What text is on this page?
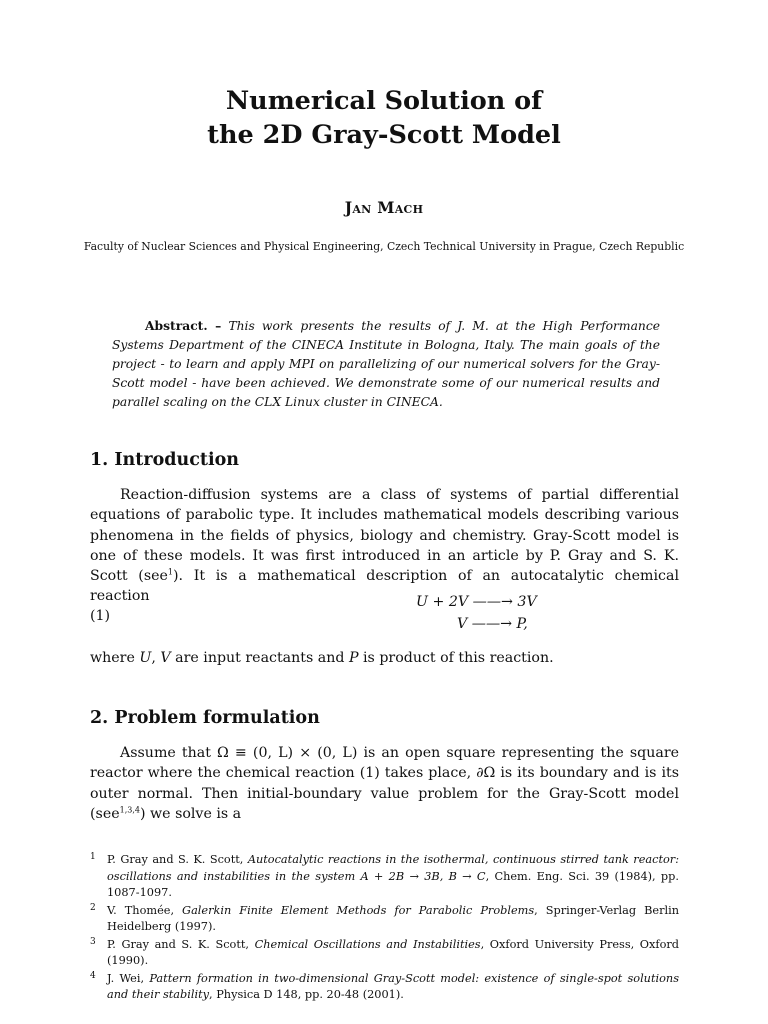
Numerical Solution of
the 2D Gray-Scott Model
Jan Mach
Faculty of Nuclear Sciences and Physical Engineering, Czech Technical University in Prague, Czech Republic
Abstract. – This work presents the results of J. M. at the High Performance Systems Department of the CINECA Institute in Bologna, Italy. The main goals of the project - to learn and apply MPI on parallelizing of our numerical solvers for the Gray-Scott model - have been achieved. We demonstrate some of our numerical results and parallel scaling on the CLX Linux cluster in CINECA.
1. Introduction
Reaction-diffusion systems are a class of systems of partial differential equations of parabolic type. It includes mathematical models describing various phenomena in the fields of physics, biology and chemistry. Gray-Scott model is one of these models. It was first introduced in an article by P. Gray and S. K. Scott (see$^1$). It is a mathematical description of an autocatalytic chemical reaction
(1)
U + 2V ——→ 3V
V ——→ P,
where U, V are input reactants and P is product of this reaction.
2. Problem formulation
Assume that Ω ≡ (0, L) × (0, L) is an open square representing the square reactor where the chemical reaction (1) takes place, ∂Ω is its boundary and is its outer normal. Then initial-boundary value problem for the Gray-Scott model (see$^{1,3,4}$) we solve is a
1 P. Gray and S. K. Scott, Autocatalytic reactions in the isothermal, continuous stirred tank reactor: oscillations and instabilities in the system A + 2B → 3B, B → C, Chem. Eng. Sci. 39 (1984), pp. 1087-1097.
2 V. Thomée, Galerkin Finite Element Methods for Parabolic Problems, Springer-Verlag Berlin Heidelberg (1997).
3 P. Gray and S. K. Scott, Chemical Oscillations and Instabilities, Oxford University Press, Oxford (1990).
4 J. Wei, Pattern formation in two-dimensional Gray-Scott model: existence of single-spot solutions and their stability, Physica D 148, pp. 20-48 (2001).
